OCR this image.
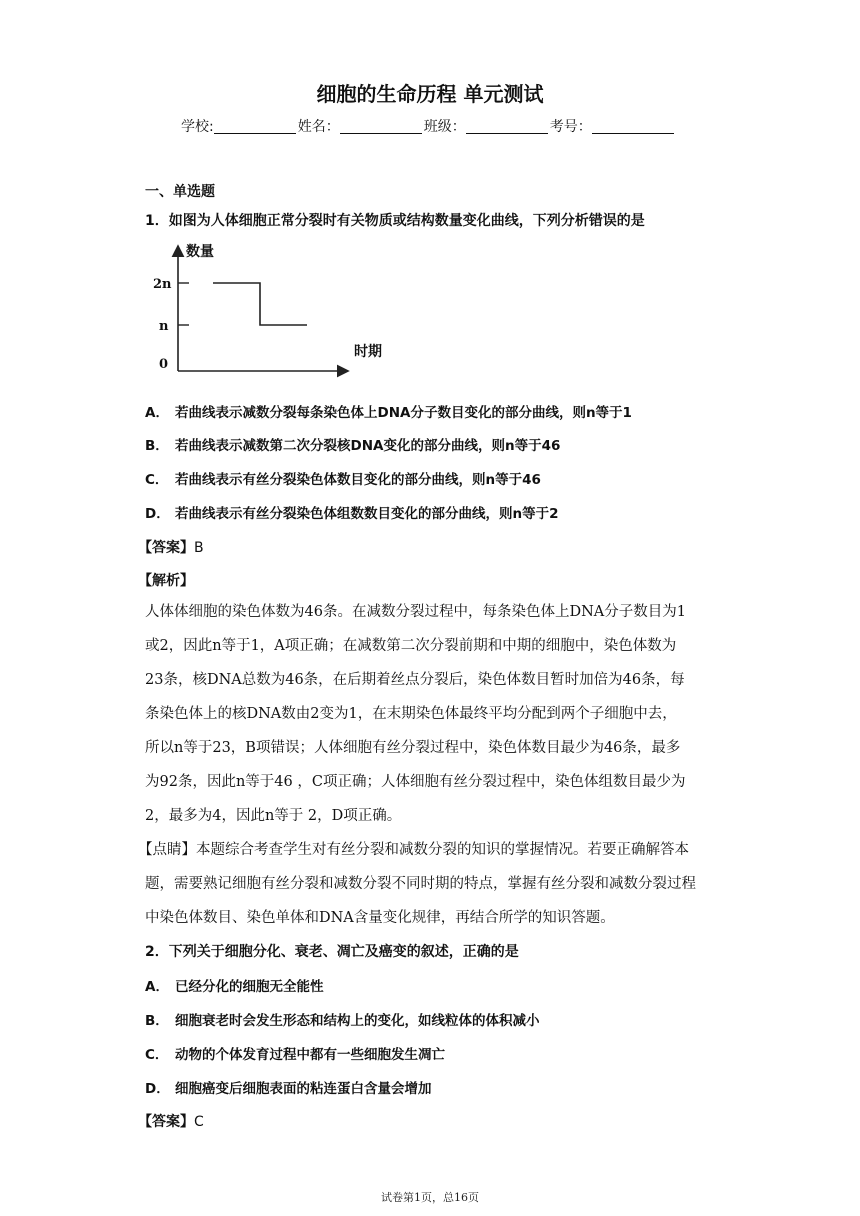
细胞的生命历程 单元测试
学校:	姓名：	班级：	考号：
一、单选题
1．如图为人体细胞正常分裂时有关物质或结构数量变化曲线，下列分析错误的是
数量
2n
n
0
时期
A． 若曲线表示减数分裂每条染色体上DNA分子数目变化的部分曲线，则n等于1
B． 若曲线表示减数第二次分裂核DNA变化的部分曲线，则n等于46
C． 若曲线表示有丝分裂染色体数目变化的部分曲线，则n等于46
D． 若曲线表示有丝分裂染色体组数数目变化的部分曲线，则n等于2
【答案】B
【解析】
人体体细胞的染色体数为46条。在减数分裂过程中，每条染色体上DNA分子数目为1
或2，因此n等于1，A项正确；在减数第二次分裂前期和中期的细胞中，染色体数为
23条，核DNA总数为46条，在后期着丝点分裂后，染色体数目暂时加倍为46条，每
条染色体上的核DNA数由2变为1，在末期染色体最终平均分配到两个子细胞中去，
所以n等于23，B项错误；人体细胞有丝分裂过程中，染色体数目最少为46条，最多
为92条，因此n等于46 ，C项正确；人体细胞有丝分裂过程中，染色体组数目最少为
2，最多为4，因此n等于 2，D项正确。
【点睛】本题综合考查学生对有丝分裂和减数分裂的知识的掌握情况。若要正确解答本
题，需要熟记细胞有丝分裂和减数分裂不同时期的特点，掌握有丝分裂和减数分裂过程
中染色体数目、染色单体和DNA含量变化规律，再结合所学的知识答题。
2．下列关于细胞分化、衰老、凋亡及癌变的叙述，正确的是
A． 已经分化的细胞无全能性
B． 细胞衰老时会发生形态和结构上的变化，如线粒体的体积减小
C． 动物的个体发育过程中都有一些细胞发生凋亡
D． 细胞癌变后细胞表面的粘连蛋白含量会增加
【答案】C
试卷第1页，总16页
